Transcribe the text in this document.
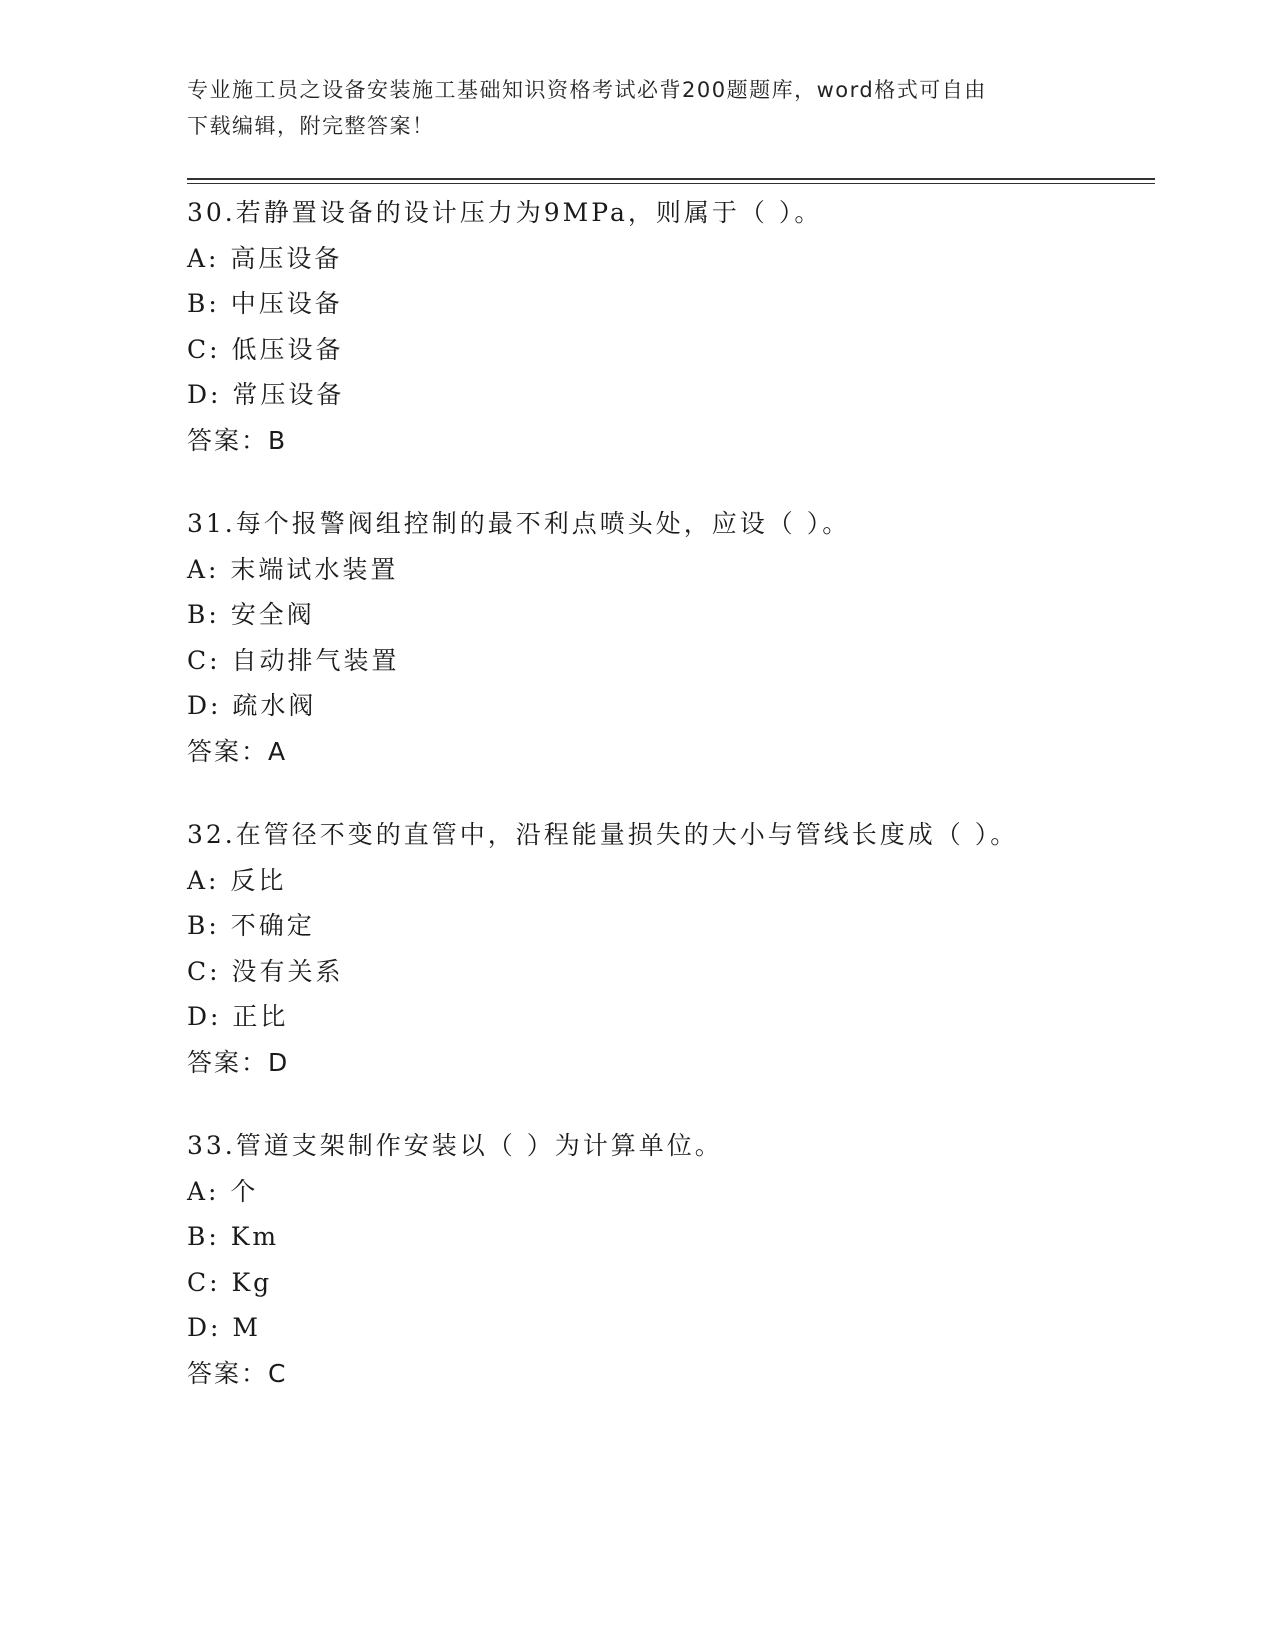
专业施工员之设备安装施工基础知识资格考试必背200题题库，word格式可自由
下载编辑，附完整答案！
30.若静置设备的设计压力为9MPa，则属于（ ）。
A: 高压设备
B: 中压设备
C: 低压设备
D: 常压设备
答案：B
31.每个报警阀组控制的最不利点喷头处，应设（ ）。
A: 末端试水装置
B: 安全阀
C: 自动排气装置
D: 疏水阀
答案：A
32.在管径不变的直管中，沿程能量损失的大小与管线长度成（ ）。
A: 反比
B: 不确定
C: 没有关系
D: 正比
答案：D
33.管道支架制作安装以（ ）为计算单位。
A: 个
B: Km
C: Kg
D: M
答案：C
